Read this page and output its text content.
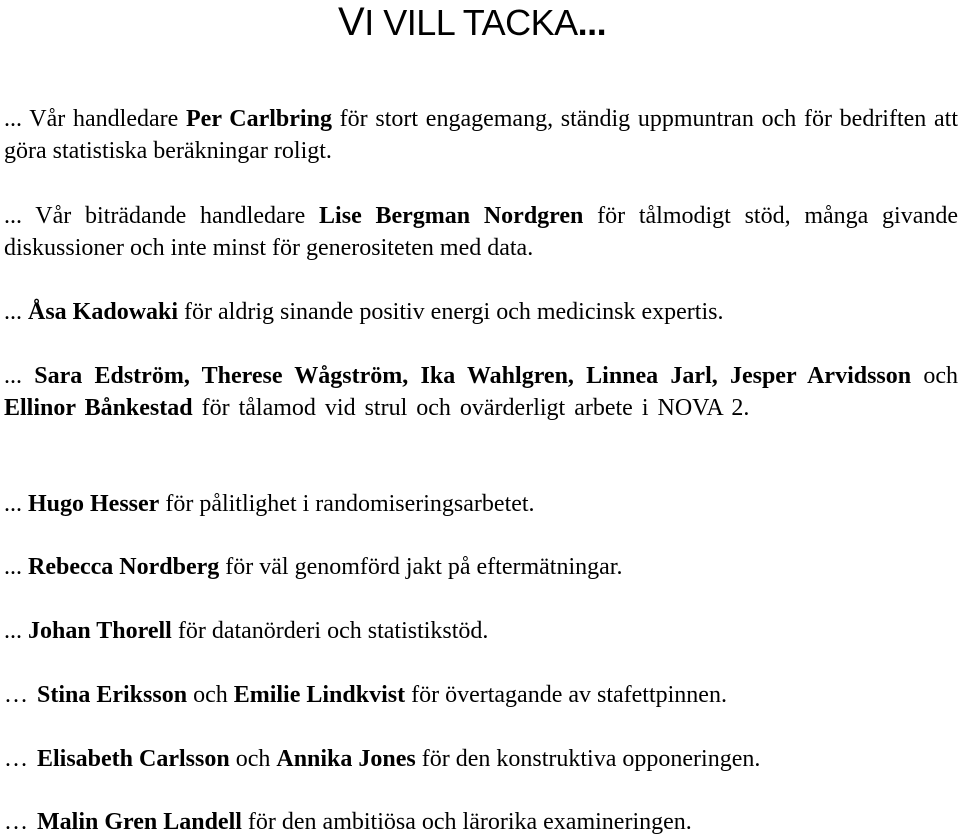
VI VILL TACKA...

... Vår handledare Per Carlbring för stort engagemang, ständig uppmuntran och för bedriften att göra statistiska beräkningar roligt.

... Vår biträdande handledare Lise Bergman Nordgren för tålmodigt stöd, många givande diskussioner och inte minst för generositeten med data.

... Åsa Kadowaki för aldrig sinande positiv energi och medicinsk expertis.

... Sara Edström, Therese Wågström, Ika Wahlgren, Linnea Jarl, Jesper Arvidsson och Ellinor Bånkestad för tålamod vid strul och ovärderligt arbete i NOVA 2.

... Hugo Hesser för pålitlighet i randomiseringsarbetet.

... Rebecca Nordberg för väl genomförd jakt på eftermätningar.

... Johan Thorell för datanörderi och statistikstöd.

… Stina Eriksson och Emilie Lindkvist för övertagande av stafettpinnen.

… Elisabeth Carlsson och Annika Jones för den konstruktiva opponeringen.

… Malin Gren Landell för den ambitiösa och lärorika examineringen.
